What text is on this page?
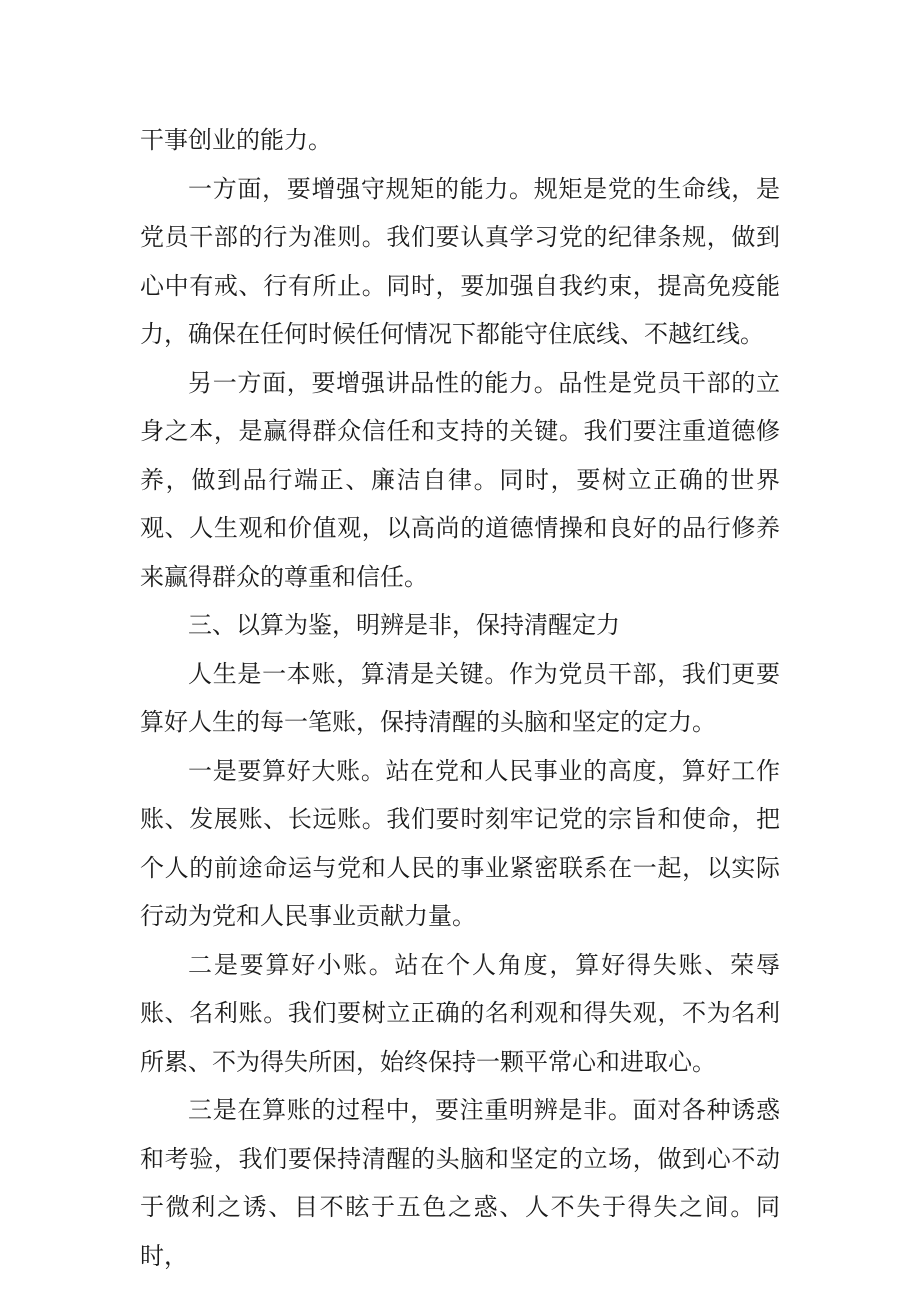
干事创业的能力。

一方面，要增强守规矩的能力。规矩是党的生命线，是党员干部的行为准则。我们要认真学习党的纪律条规，做到心中有戒、行有所止。同时，要加强自我约束，提高免疫能力，确保在任何时候任何情况下都能守住底线、不越红线。

另一方面，要增强讲品性的能力。品性是党员干部的立身之本，是赢得群众信任和支持的关键。我们要注重道德修养，做到品行端正、廉洁自律。同时，要树立正确的世界观、人生观和价值观，以高尚的道德情操和良好的品行修养来赢得群众的尊重和信任。

三、以算为鉴，明辨是非，保持清醒定力

人生是一本账，算清是关键。作为党员干部，我们更要算好人生的每一笔账，保持清醒的头脑和坚定的定力。

一是要算好大账。站在党和人民事业的高度，算好工作账、发展账、长远账。我们要时刻牢记党的宗旨和使命，把个人的前途命运与党和人民的事业紧密联系在一起，以实际行动为党和人民事业贡献力量。

二是要算好小账。站在个人角度，算好得失账、荣辱账、名利账。我们要树立正确的名利观和得失观，不为名利所累、不为得失所困，始终保持一颗平常心和进取心。

三是在算账的过程中，要注重明辨是非。面对各种诱惑和考验，我们要保持清醒的头脑和坚定的立场，做到心不动于微利之诱、目不眩于五色之惑、人不失于得失之间。同时，
